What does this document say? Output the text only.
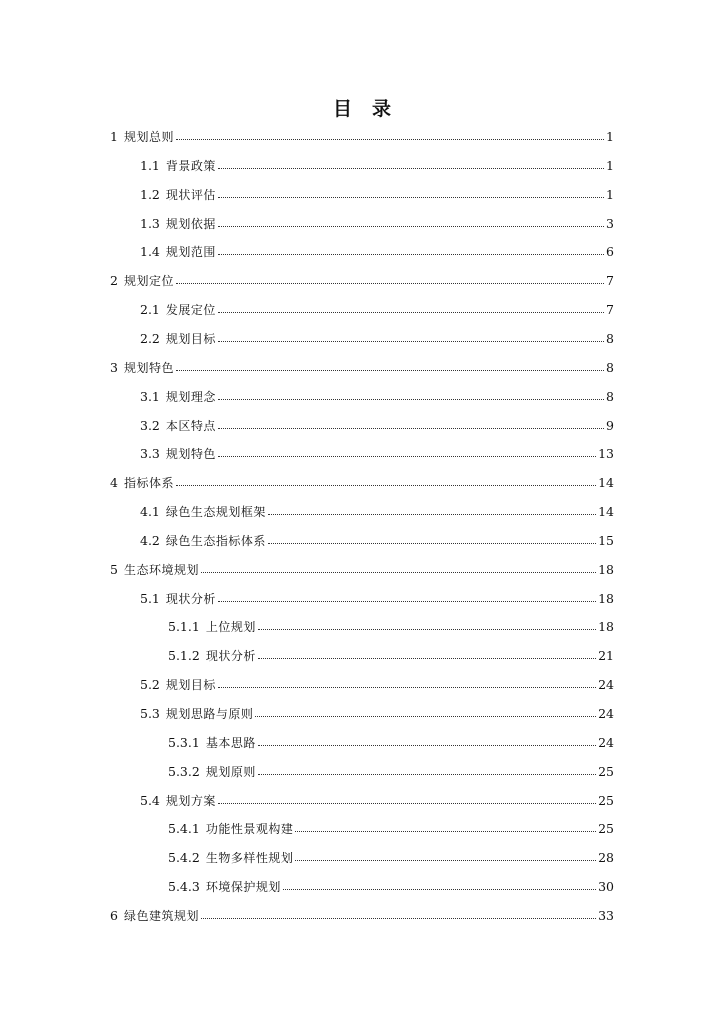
目 录
1 规划总则	1
1.1 背景政策	1
1.2 现状评估	1
1.3 规划依据	3
1.4 规划范围	6
2 规划定位	7
2.1 发展定位	7
2.2 规划目标	8
3 规划特色	8
3.1 规划理念	8
3.2 本区特点	9
3.3 规划特色	13
4 指标体系	14
4.1 绿色生态规划框架	14
4.2 绿色生态指标体系	15
5 生态环境规划	18
5.1 现状分析	18
5.1.1 上位规划	18
5.1.2 现状分析	21
5.2 规划目标	24
5.3 规划思路与原则	24
5.3.1 基本思路	24
5.3.2 规划原则	25
5.4 规划方案	25
5.4.1 功能性景观构建	25
5.4.2 生物多样性规划	28
5.4.3 环境保护规划	30
6 绿色建筑规划	33
